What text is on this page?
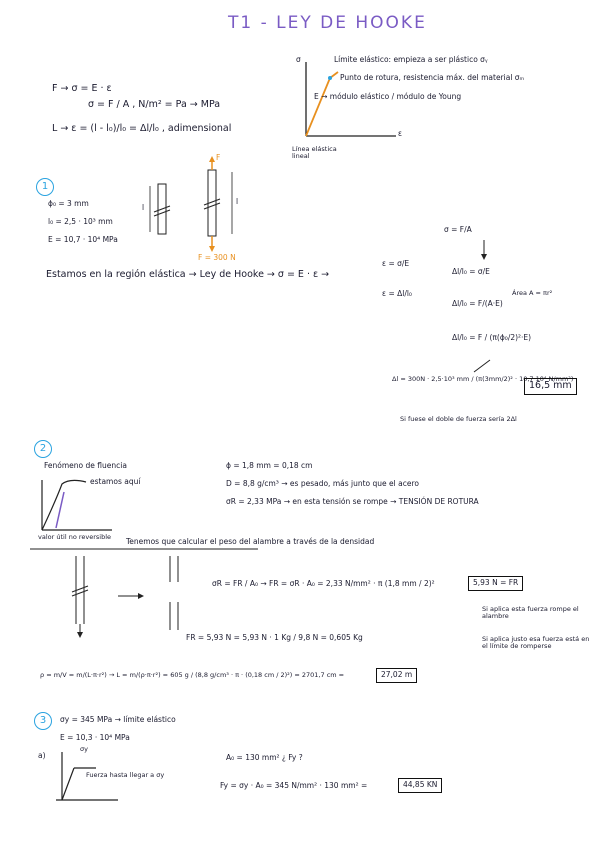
T1 - LEY DE HOOKE
F → σ = E · ε
σ = F / A , N/m² = Pa → MPa
L → ε = (l - l₀)/l₀ = Δl/l₀ , adimensional
σ
ε
Límite elástico: empieza a ser plástico σᵧ
Punto de rotura, resistencia máx. del material σₘ
E → módulo elástico / módulo de Young
Línea elástica lineal
1
ϕ₀ = 3 mm
l₀ = 2,5 · 10³ mm
E = 10,7 · 10⁴ MPa
l
l
F
F = 300 N
Estamos en la región elástica → Ley de Hooke → σ = E · ε →
ε = σ/E
ε = Δl/l₀
σ = F/A
Δl/l₀ = σ/E
Δl/l₀ = F/(A·E)
Área A = πr²
Δl/l₀ = F / (π(ϕ₀/2)²·E)
Δl = 300N · 2,5·10³ mm / (π(3mm/2)² · 10,7·10⁴ N/mm²)
16,5 mm
Si fuese el doble de fuerza sería 2Δl
2
Fenómeno de fluencia
estamos aquí
valor útil no reversible
ϕ = 1,8 mm = 0,18 cm
D = 8,8 g/cm³ → es pesado, más junto que el acero
σR = 2,33 MPa → en esta tensión se rompe → TENSIÓN DE ROTURA
Tenemos que calcular el peso del alambre a través de la densidad
σR = FR / A₀ → FR = σR · A₀ = 2,33 N/mm² · π (1,8 mm / 2)²	5,93 N = FR
Si aplica esta fuerza rompe el alambre
Si aplica justo esa fuerza está en el límite de romperse
FR = 5,93 N = 5,93 N · 1 Kg / 9,8 N = 0,605 Kg
ρ = m/V = m/(L·π·r²) → L = m/(ρ·π·r²) = 605 g / (8,8 g/cm³ · π · (0,18 cm / 2)²) = 2701,7 cm =	27,02 m
3	σy = 345 MPa → límite elástico
E = 10,3 · 10⁴ MPa
a)
σy
Fuerza hasta llegar a σy
A₀ = 130 mm² ¿ Fy ?
Fy = σy · A₀ = 345 N/mm² · 130 mm² =	44,85 KN
